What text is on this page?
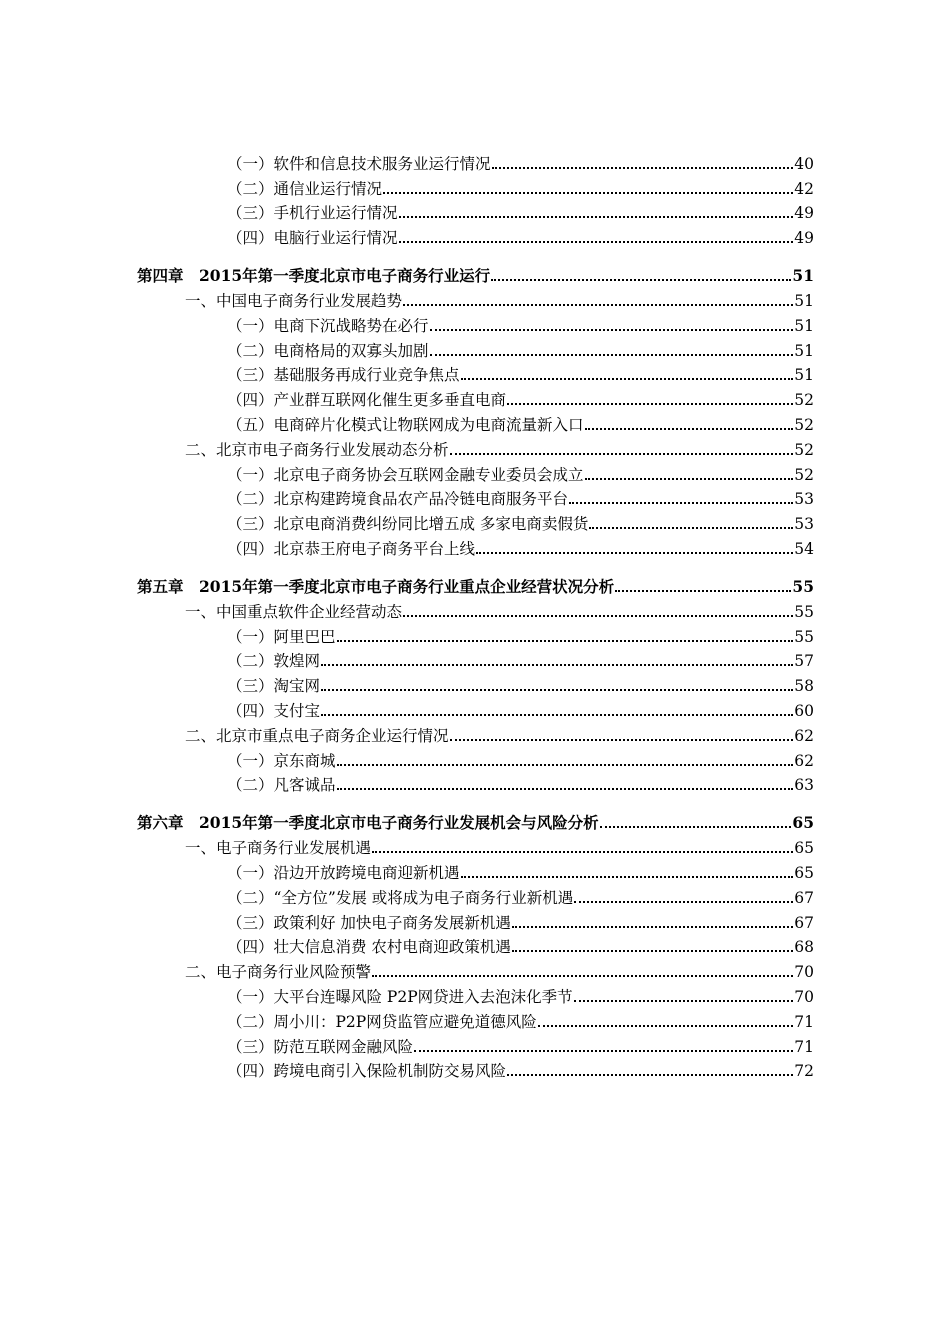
（一）软件和信息技术服务业运行情况	40
（二）通信业运行情况	42
（三）手机行业运行情况	49
（四）电脑行业运行情况	49
第四章　2015年第一季度北京市电子商务行业运行	51
一、中国电子商务行业发展趋势	51
（一）电商下沉战略势在必行	51
（二）电商格局的双寡头加剧	51
（三）基础服务再成行业竞争焦点	51
（四）产业群互联网化催生更多垂直电商	52
（五）电商碎片化模式让物联网成为电商流量新入口	52
二、北京市电子商务行业发展动态分析	52
（一）北京电子商务协会互联网金融专业委员会成立	52
（二）北京构建跨境食品农产品冷链电商服务平台	53
（三）北京电商消费纠纷同比增五成 多家电商卖假货	53
（四）北京恭王府电子商务平台上线	54
第五章　2015年第一季度北京市电子商务行业重点企业经营状况分析	55
一、中国重点软件企业经营动态	55
（一）阿里巴巴	55
（二）敦煌网	57
（三）淘宝网	58
（四）支付宝	60
二、北京市重点电子商务企业运行情况	62
（一）京东商城	62
（二）凡客诚品	63
第六章　2015年第一季度北京市电子商务行业发展机会与风险分析	65
一、电子商务行业发展机遇	65
（一）沿边开放跨境电商迎新机遇	65
（二）“全方位”发展 或将成为电子商务行业新机遇	67
（三）政策利好 加快电子商务发展新机遇	67
（四）壮大信息消费 农村电商迎政策机遇	68
二、电子商务行业风险预警	70
（一）大平台连曝风险 P2P网贷进入去泡沫化季节	70
（二）周小川：P2P网贷监管应避免道德风险	71
（三）防范互联网金融风险	71
（四）跨境电商引入保险机制防交易风险	72
